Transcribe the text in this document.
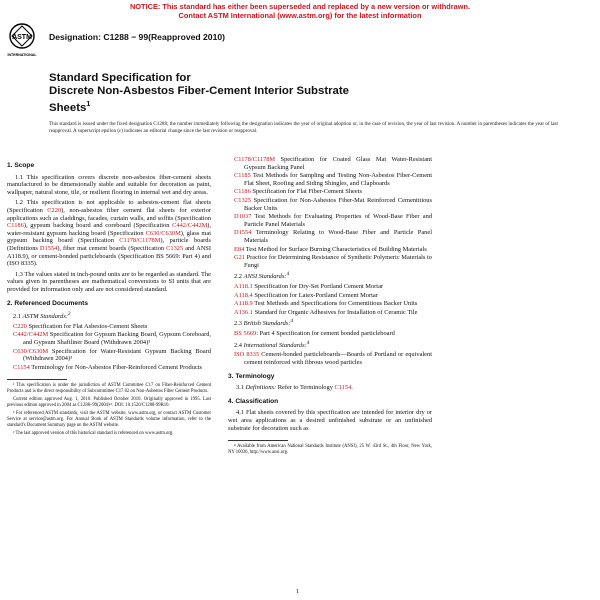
NOTICE: This standard has either been superseded and replaced by a new version or withdrawn.
Contact ASTM International (www.astm.org) for the latest information
ASTM
INTERNATIONAL
Designation: C1288 − 99(Reapproved 2010)
Standard Specification for
Discrete Non-Asbestos Fiber-Cement Interior Substrate
Sheets$^1$
This standard is issued under the fixed designation C1288; the number immediately following the designation indicates the year of original adoption or, in the case of revision, the year of last revision. A number in parentheses indicates the year of last reapproval. A superscript epsilon (ε) indicates an editorial change since the last revision or reapproval.
1. Scope

1.1 This specification covers discrete non-asbestos fiber-cement sheets manufactured to be dimensionally stable and suitable for decoration as paint, wallpaper, natural stone, tile, or resilient flooring in internal wet and dry areas.

1.2 This specification is not applicable to asbestos-cement flat sheets (Specification C220), non-asbestos fiber cement flat sheets for exterior applications such as claddings, facades, curtain walls, and soffits (Specification C1186), gypsum backing board and coreboard (Specification C442/C442M), water-resistant gypsum backing board (Specification C630/C630M), glass mat gypsum backing board (Specification C1178/C1178M), particle boards (Definitions D1554), fiber mat cement boards (Specification C1325 and ANSI A118.9), or cement-bonded particleboards (Specification BS 5669: Part 4) and (ISO 8335).

1.3 The values stated in inch-pound units are to be regarded as standard. The values given in parentheses are mathematical conversions to SI units that are provided for information only and are not considered standard.

2. Referenced Documents
2.1 ASTM Standards:$^2$
C220 Specification for Flat Asbestos-Cement Sheets
C442/C442M Specification for Gypsum Backing Board, Gypsum Coreboard, and Gypsum Shaftliner Board (Withdrawn 2004)³
C630/C630M Specification for Water-Resistant Gypsum Backing Board (Withdrawn 2004)³
C1154 Terminology for Non-Asbestos Fiber-Reinforced Cement Products
¹ This specification is under the jurisdiction of ASTM Committee C17 on Fiber-Reinforced Cement Products and is the direct responsibility of Subcommittee C17.02 on Non-Asbestos Fiber Cement Products.
Current edition approved Aug. 1, 2010. Published October 2010. Originally approved in 1995. Last previous edition approved in 2004 as C1288–99(2004)ᵉ¹. DOI: 10.1520/C1288-99R10.
² For referenced ASTM standards, visit the ASTM website, www.astm.org, or contact ASTM Customer Service at service@astm.org. For Annual Book of ASTM Standards volume information, refer to the standard's Document Summary page on the ASTM website.
³ The last approved version of this historical standard is referenced on www.astm.org.
C1178/C1178M Specification for Coated Glass Mat Water-Resistant Gypsum Backing Panel
C1185 Test Methods for Sampling and Testing Non-Asbestos Fiber-Cement Flat Sheet, Roofing and Siding Shingles, and Clapboards
C1186 Specification for Flat Fiber-Cement Sheets
C1325 Specification for Non-Asbestos Fiber-Mat Reinforced Cementitious Backer Units
D1037 Test Methods for Evaluating Properties of Wood-Base Fiber and Particle Panel Materials
D1554 Terminology Relating to Wood-Base Fiber and Particle Panel Materials
E84 Test Method for Surface Burning Characteristics of Building Materials
G21 Practice for Determining Resistance of Synthetic Polymeric Materials to Fungi
2.2 ANSI Standards:$^4$
A118.1 Specification for Dry-Set Portland Cement Mortar
A118.4 Specification for Latex-Portland Cement Mortar
A118.9 Test Methods and Specifications for Cementitious Backer Units
A136.1 Standard for Organic Adhesives for Installation of Ceramic Tile
2.3 British Standards:$^4$
BS 5669: Part 4 Specification for cement bonded particleboard
2.4 International Standards:$^4$
ISO 8335 Cement-bonded particleboards—Boards of Portland or equivalent cement reinforced with fibrous wood particles
3. Terminology

3.1 Definitions: Refer to Terminology C1154.

4. Classification

4.1 Flat sheets covered by this specification are intended for interior dry or wet area applications as a desired unfinished substrate or an unfinished substrate for decoration such as

⁴ Available from American National Standards Institute (ANSI), 25 W. 43rd St., 4th Floor, New York, NY 10036, http://www.ansi.org.
1
